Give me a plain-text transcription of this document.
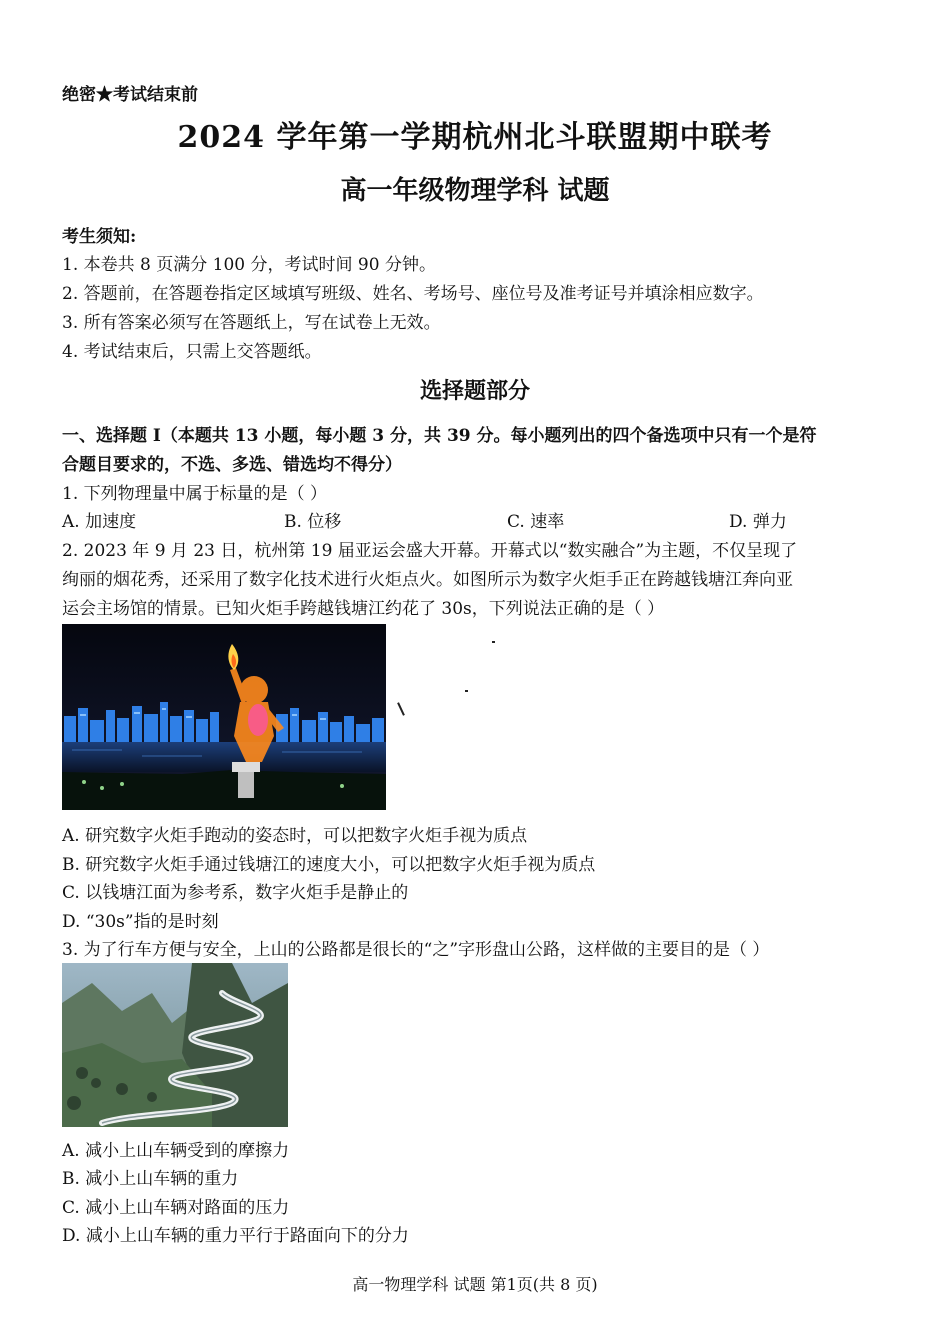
绝密★考试结束前
2024 学年第一学期杭州北斗联盟期中联考
高一年级物理学科 试题
考生须知:
1. 本卷共 8 页满分 100 分，考试时间 90 分钟。
2. 答题前，在答题卷指定区域填写班级、姓名、考场号、座位号及准考证号并填涂相应数字。
3. 所有答案必须写在答题纸上，写在试卷上无效。
4. 考试结束后，只需上交答题纸。
选择题部分
一、选择题 I（本题共 13 小题，每小题 3 分，共 39 分。每小题列出的四个备选项中只有一个是符
合题目要求的，不选、多选、错选均不得分）
1. 下列物理量中属于标量的是（ ）
A. 加速度	B. 位移	C. 速率	D. 弹力
2. 2023 年 9 月 23 日，杭州第 19 届亚运会盛大开幕。开幕式以“数实融合”为主题，不仅呈现了
绚丽的烟花秀，还采用了数字化技术进行火炬点火。如图所示为数字火炬手正在跨越钱塘江奔向亚
运会主场馆的情景。已知火炬手跨越钱塘江约花了 30s，下列说法正确的是（ ）
A. 研究数字火炬手跑动的姿态时，可以把数字火炬手视为质点
B. 研究数字火炬手通过钱塘江的速度大小，可以把数字火炬手视为质点
C. 以钱塘江面为参考系，数字火炬手是静止的
D. “30s”指的是时刻
3. 为了行车方便与安全，上山的公路都是很长的“之”字形盘山公路，这样做的主要目的是（ ）
A. 减小上山车辆受到的摩擦力
B. 减小上山车辆的重力
C. 减小上山车辆对路面的压力
D. 减小上山车辆的重力平行于路面向下的分力
高一物理学科 试题 第1页(共 8 页)
